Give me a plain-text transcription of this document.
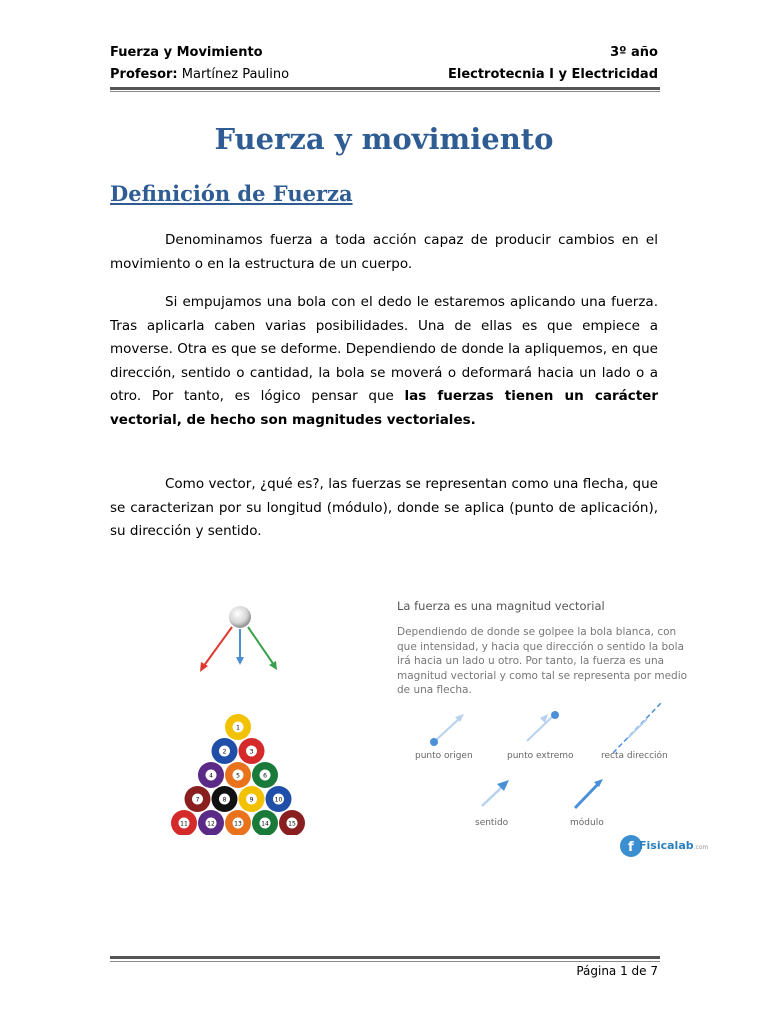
Fuerza y Movimiento	3º año
Profesor: Martínez Paulino	Electrotecnia I y Electricidad
Fuerza y movimiento
Definición de Fuerza
Denominamos fuerza a toda acción capaz de producir cambios en el movimiento o en la estructura de un cuerpo.
Si empujamos una bola con el dedo le estaremos aplicando una fuerza. Tras aplicarla caben varias posibilidades. Una de ellas es que empiece a moverse. Otra es que se deforme. Dependiendo de donde la apliquemos, en que dirección, sentido o cantidad, la bola se moverá o deformará hacia un lado o a otro. Por tanto, es lógico pensar que las fuerzas tienen un carácter vectorial, de hecho son magnitudes vectoriales.
Como vector, ¿qué es?, las fuerzas se representan como una flecha, que se caracterizan por su longitud (módulo), donde se aplica (punto de aplicación), su dirección y sentido.
1
2	3
4	5	6
7	8	9	10
11	12	13	14	15
La fuerza es una magnitud vectorial
Dependiendo de donde se golpee la bola blanca, con que intensidad, y hacia que dirección o sentido la bola irá hacia un lado u otro. Por tanto, la fuerza es una magnitud vectorial y como tal se representa por medio de una flecha.
punto origen	punto extremo	recta dirección
sentido	módulo
f Fisicalab.com
Página 1 de 7
